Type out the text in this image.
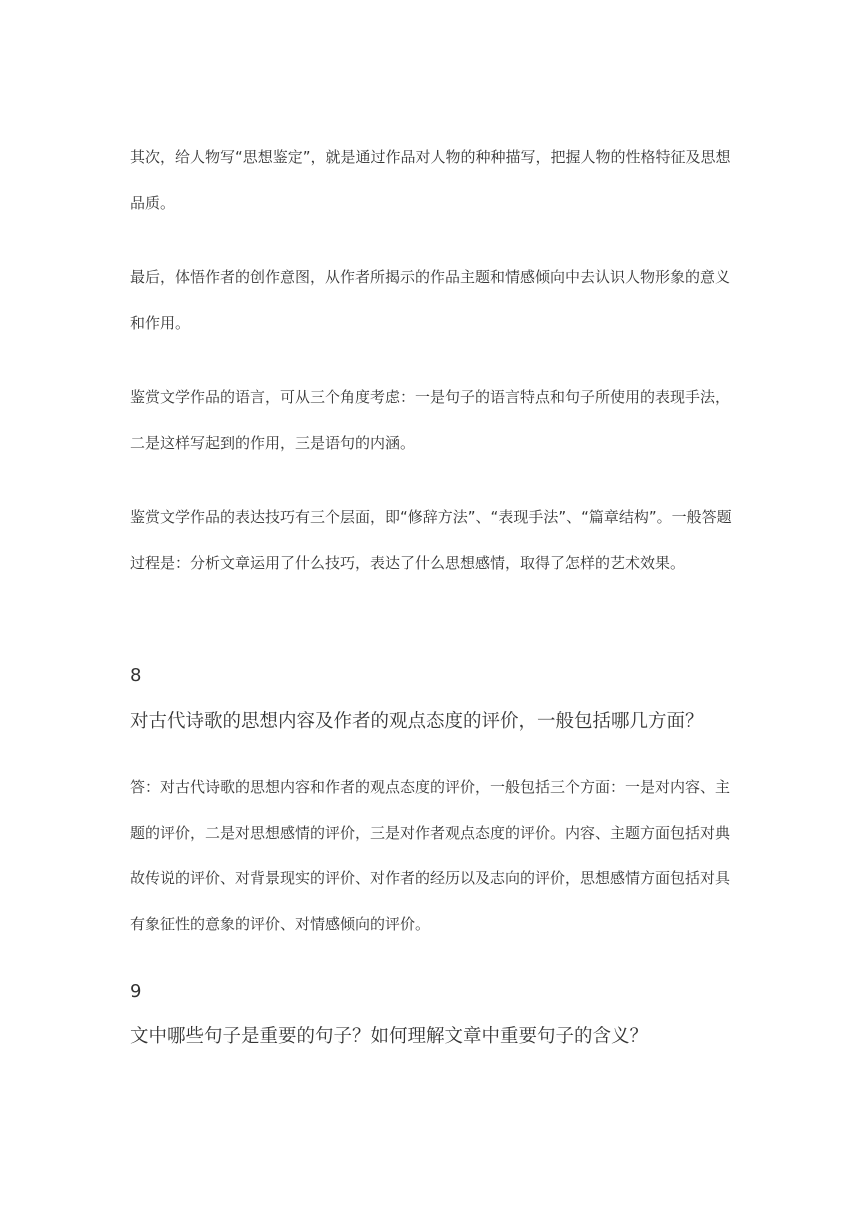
其次，给人物写“思想鉴定”，就是通过作品对人物的种种描写，把握人物的性格特征及思想品质。

最后，体悟作者的创作意图，从作者所揭示的作品主题和情感倾向中去认识人物形象的意义和作用。

鉴赏文学作品的语言，可从三个角度考虑：一是句子的语言特点和句子所使用的表现手法，二是这样写起到的作用，三是语句的内涵。

鉴赏文学作品的表达技巧有三个层面，即“修辞方法”、“表现手法”、“篇章结构”。一般答题过程是：分析文章运用了什么技巧，表达了什么思想感情，取得了怎样的艺术效果。

8
对古代诗歌的思想内容及作者的观点态度的评价，一般包括哪几方面？

答：对古代诗歌的思想内容和作者的观点态度的评价，一般包括三个方面：一是对内容、主题的评价，二是对思想感情的评价，三是对作者观点态度的评价。内容、主题方面包括对典故传说的评价、对背景现实的评价、对作者的经历以及志向的评价，思想感情方面包括对具有象征性的意象的评价、对情感倾向的评价。

9
文中哪些句子是重要的句子？如何理解文章中重要句子的含义？
